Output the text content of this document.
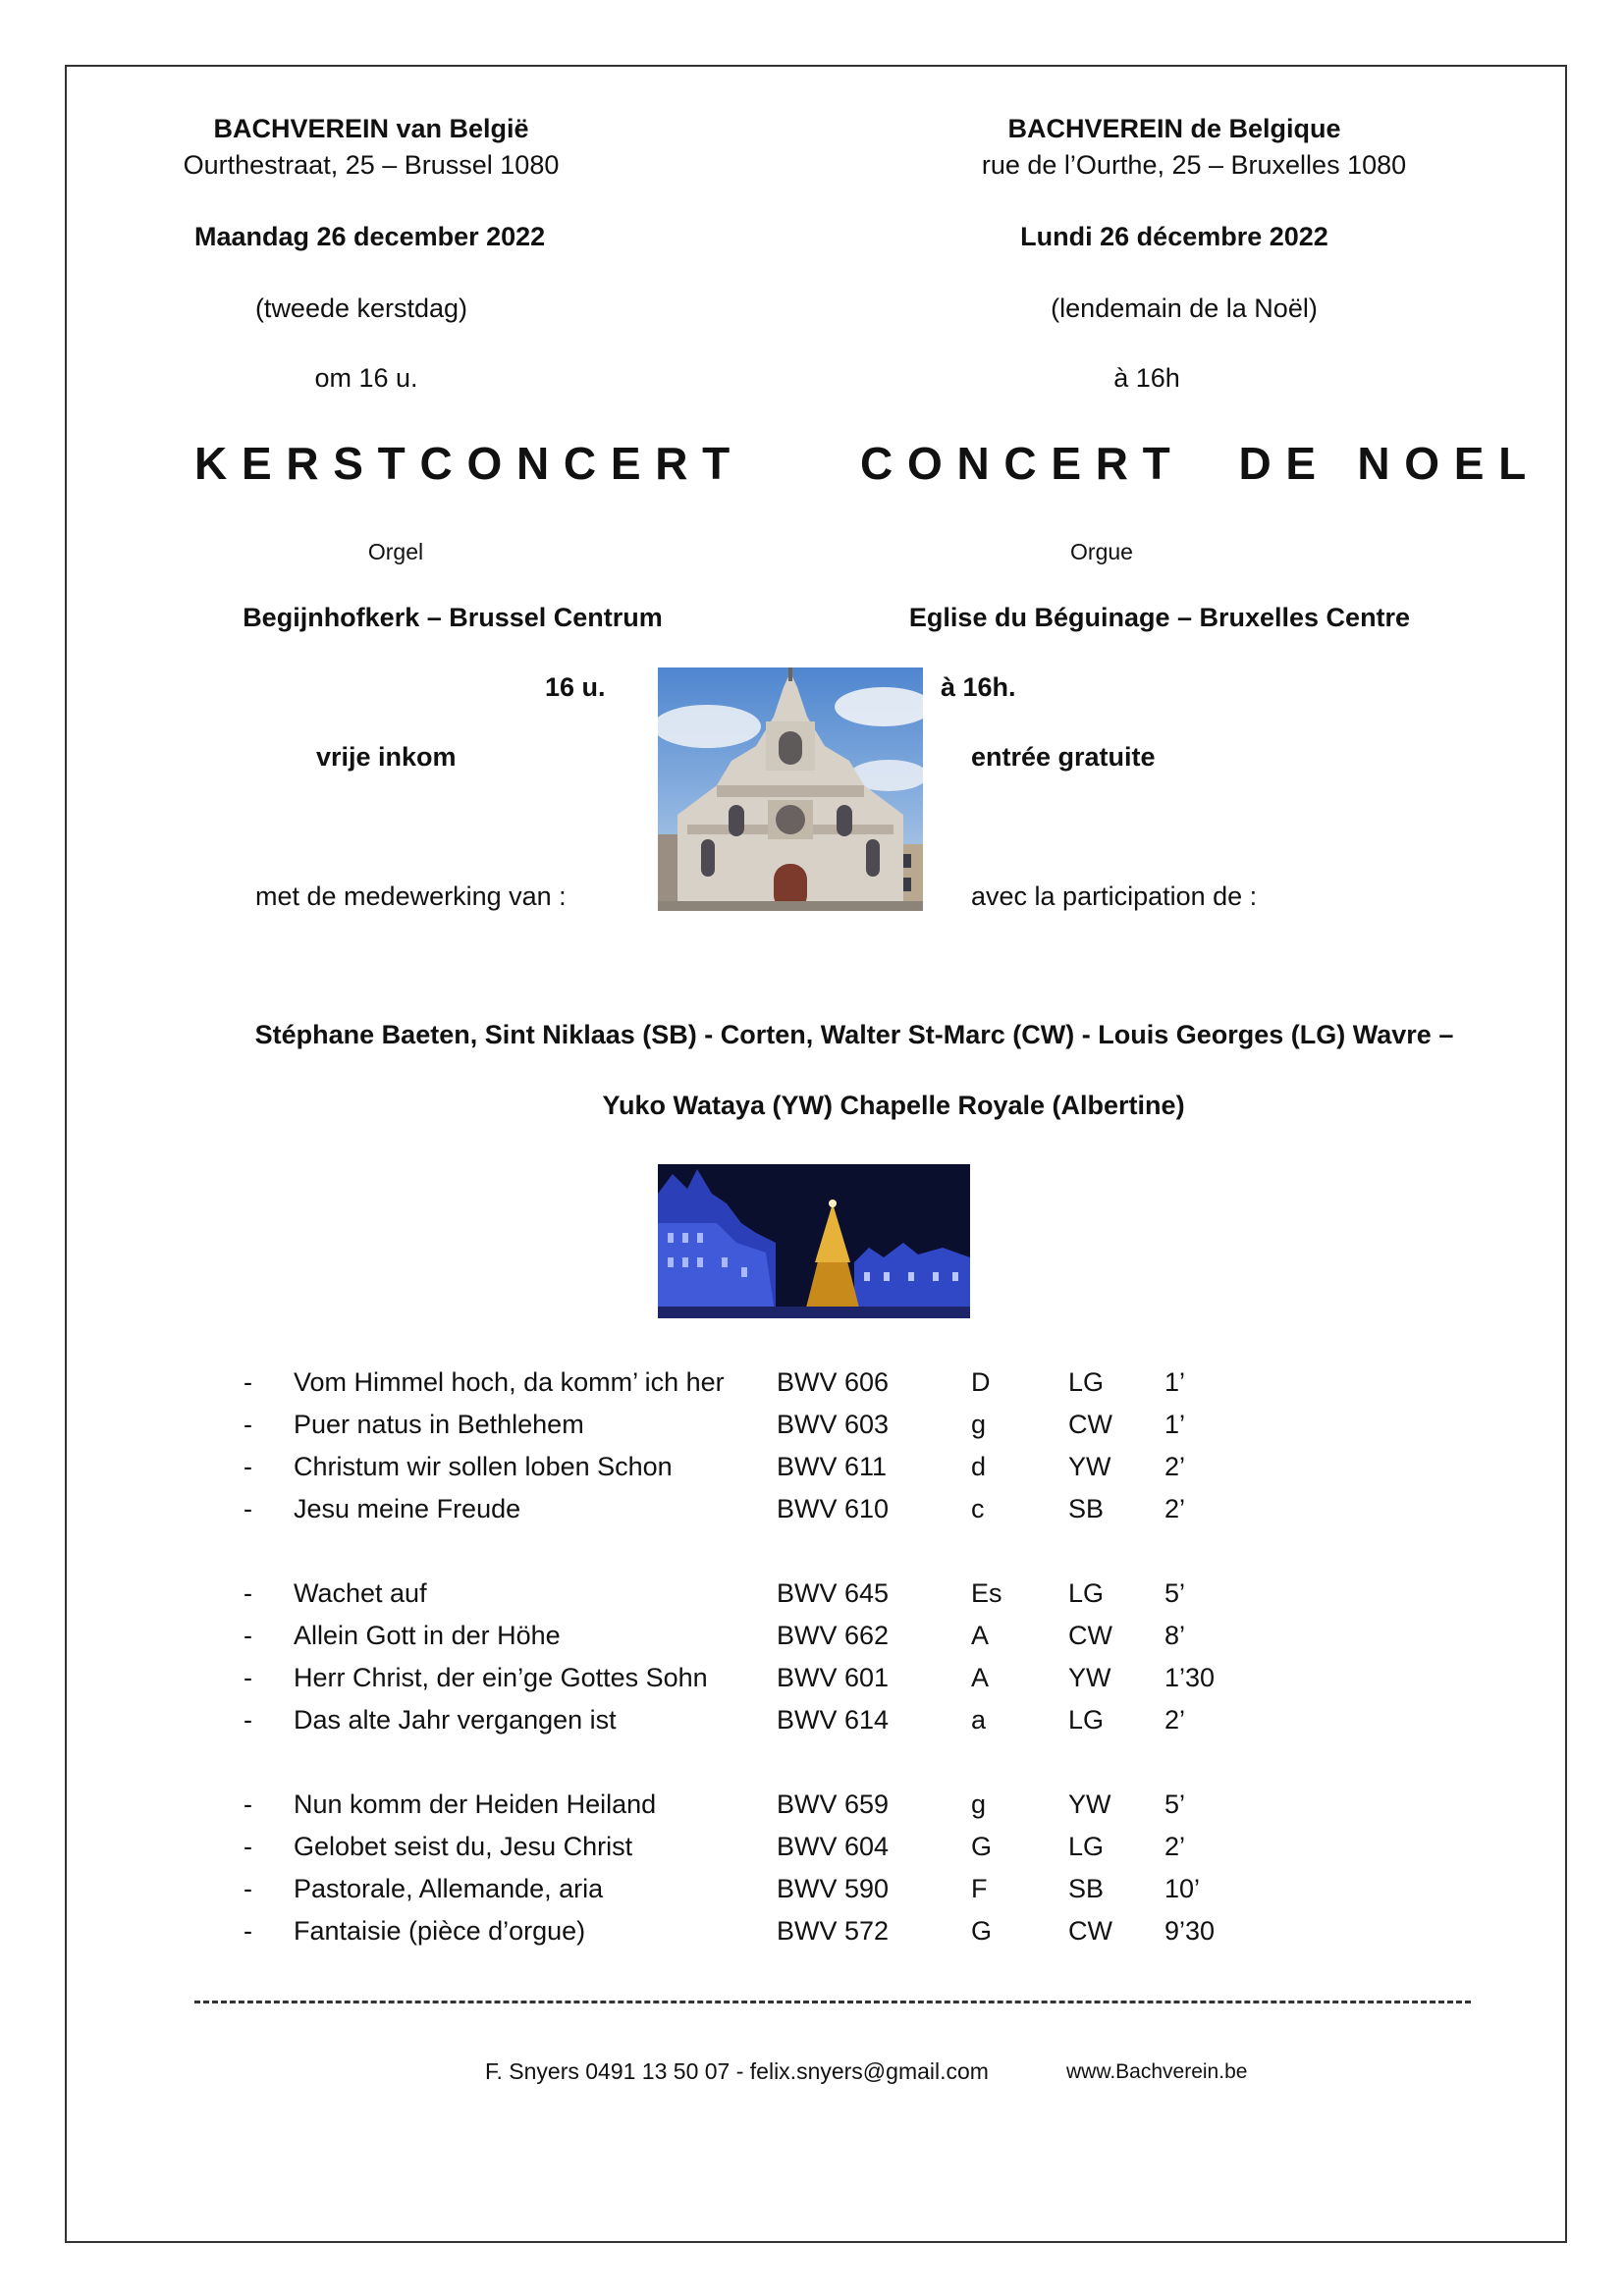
BACHVEREIN van België
Ourthestraat, 25 – Brussel 1080
Maandag 26 december 2022
(tweede kerstdag)
om 16 u.
BACHVEREIN de Belgique
rue de l’Ourthe, 25 – Bruxelles 1080
Lundi 26 décembre 2022
(lendemain de la Noël)
à 16h
KERSTCONCERT	CONCERT  DE NOEL
Orgel	Orgue
Begijnhofkerk – Brussel Centrum	Eglise du Béguinage – Bruxelles Centre
16 u.	à 16h.
vrije inkom	entrée gratuite
met de medewerking van :	avec la participation de :
Stéphane Baeten, Sint Niklaas (SB) - Corten, Walter St-Marc (CW) - Louis Georges (LG) Wavre –
Yuko Wataya (YW) Chapelle Royale (Albertine)
- Vom Himmel hoch, da komm’ ich her BWV 606	D	LG 1’
- Puer natus in Bethlehem	BWV 603	g	CW 1’
- Christum wir sollen loben Schon	BWV 611	d	YW 2’
- Jesu meine Freude	BWV 610	c	SB 2’
- Wachet auf	BWV 645	Es LG 5’
- Allein Gott in der Höhe	BWV 662	A	CW 8’
- Herr Christ, der ein’ge Gottes Sohn	BWV 601	A	YW 1’30
- Das alte Jahr vergangen ist	BWV 614	a	LG 2’
- Nun komm der Heiden Heiland	BWV 659	g	YW 5’
- Gelobet seist du, Jesu Christ	BWV 604	G	LG 2’
- Pastorale, Allemande, aria	BWV 590	F	SB 10’
- Fantaisie (pièce d’orgue)	BWV 572	G	CW 9’30
F. Snyers 0491 13 50 07 - felix.snyers@gmail.com	www.Bachverein.be
